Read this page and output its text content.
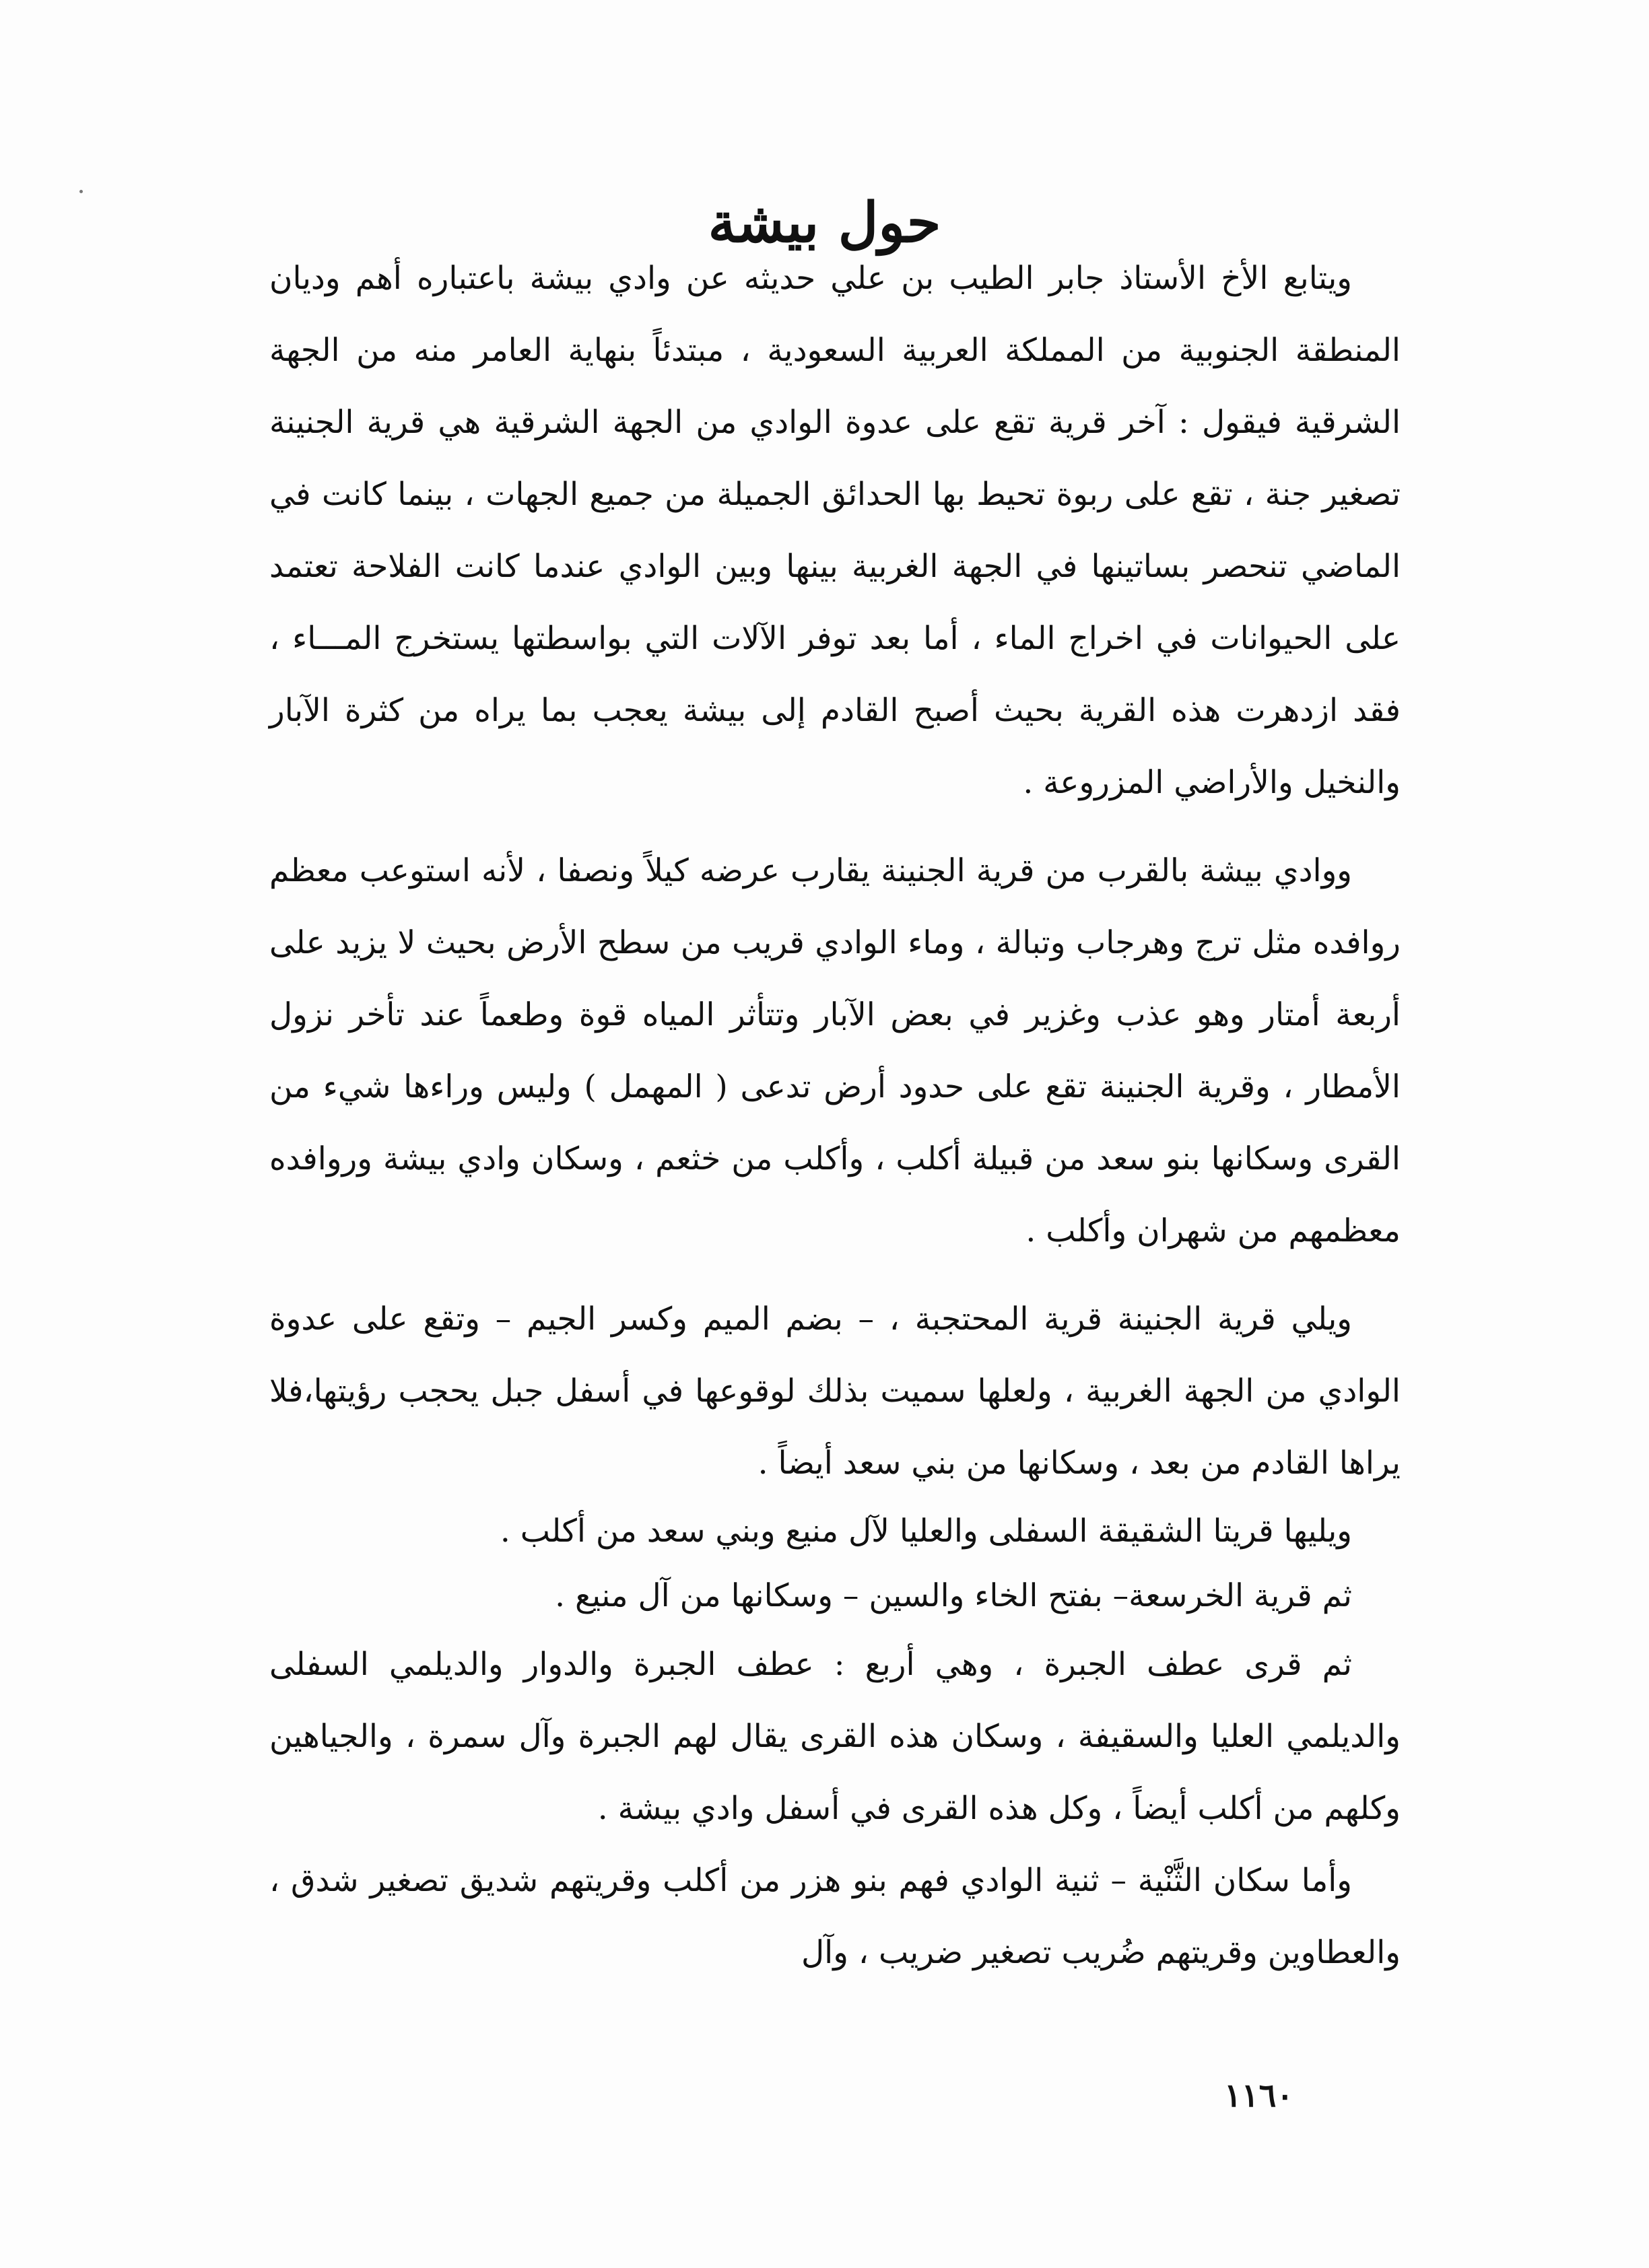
حول بيشة

ويتابع الأخ الأستاذ جابر الطيب بن علي حديثه عن وادي بيشة باعتباره أهم وديان المنطقة الجنوبية من المملكة العربية السعودية ، مبتدئاً بنهاية العامر منه من الجهة الشرقية فيقول : آخر قرية تقع على عدوة الوادي من الجهة الشرقية هي قرية الجنينة تصغير جنة ، تقع على ربوة تحيط بها الحدائق الجميلة من جميع الجهات ، بينما كانت في الماضي تنحصر بساتينها في الجهة الغربية بينها وبين الوادي عندما كانت الفلاحة تعتمد على الحيوانات في اخراج الماء ، أما بعد توفر الآلات التي بواسطتها يستخرج المـــاء ، فقد ازدهرت هذه القرية بحيث أصبح القادم إلى بيشة يعجب بما يراه من كثرة الآبار والنخيل والأراضي المزروعة .

ووادي بيشة بالقرب من قرية الجنينة يقارب عرضه كيلاً ونصفا ، لأنه استوعب معظم روافده مثل ترج وهرجاب وتبالة ، وماء الوادي قريب من سطح الأرض بحيث لا يزيد على أربعة أمتار وهو عذب وغزير في بعض الآبار وتتأثر المياه قوة وطعماً عند تأخر نزول الأمطار ، وقرية الجنينة تقع على حدود أرض تدعى ( المهمل ) وليس وراءها شيء من القرى وسكانها بنو سعد من قبيلة أكلب ، وأكلب من خثعم ، وسكان وادي بيشة وروافده معظمهم من شهران وأكلب .

ويلي قرية الجنينة قرية المحتجبة ، – بضم الميم وكسر الجيم – وتقع على عدوة الوادي من الجهة الغربية ، ولعلها سميت بذلك لوقوعها في أسفل جبل يحجب رؤيتها،فلا يراها القادم من بعد ، وسكانها من بني سعد أيضاً .

ويليها قريتا الشقيقة السفلى والعليا لآل منيع وبني سعد من أكلب .

ثم قرية الخرسعة– بفتح الخاء والسين – وسكانها من آل منيع .

ثم قرى عطف الجبرة ، وهي أربع : عطف الجبرة والدوار والديلمي السفلى والديلمي العليا والسقيفة ، وسكان هذه القرى يقال لهم الجبرة وآل سمرة ، والجياهين وكلهم من أكلب أيضاً ، وكل هذه القرى في أسفل وادي بيشة .

وأما سكان الثَّنْية – ثنية الوادي فهم بنو هزر من أكلب وقريتهم شديق تصغير شدق ، والعطاوين وقريتهم ضُريب تصغير ضريب ، وآل

١١٦٠
